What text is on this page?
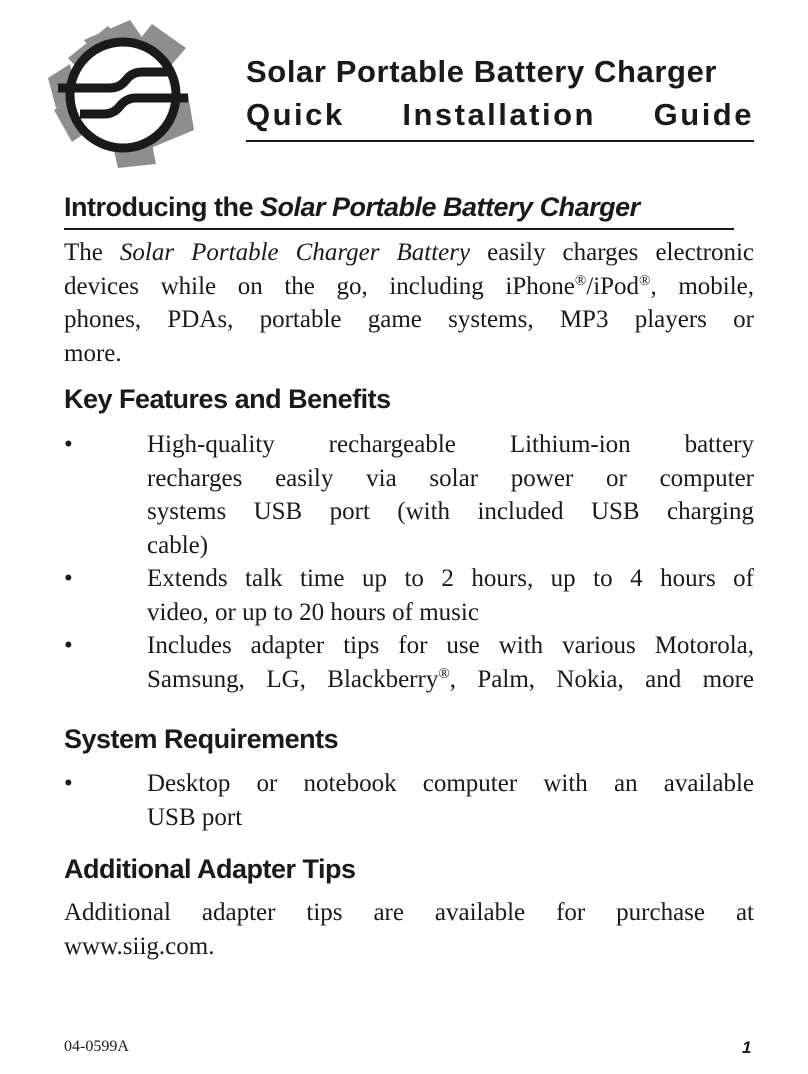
Solar Portable Battery Charger
Quick Installation Guide
Introducing the Solar Portable Battery Charger
The Solar Portable Charger Battery easily charges electronic
devices while on the go, including iPhone®/iPod®, mobile,
phones, PDAs, portable game systems, MP3 players or
more.
Key Features and Benefits
•	High-quality rechargeable Lithium-ion battery
recharges easily via solar power or computer
systems USB port (with included USB charging
cable)
•	Extends talk time up to 2 hours, up to 4 hours of
video, or up to 20 hours of music
•	Includes adapter tips for use with various Motorola,
Samsung, LG, Blackberry®, Palm, Nokia, and more
System Requirements
•	Desktop or notebook computer with an available
USB port
Additional Adapter Tips
Additional adapter tips are available for purchase at
www.siig.com.
04-0599A	1
